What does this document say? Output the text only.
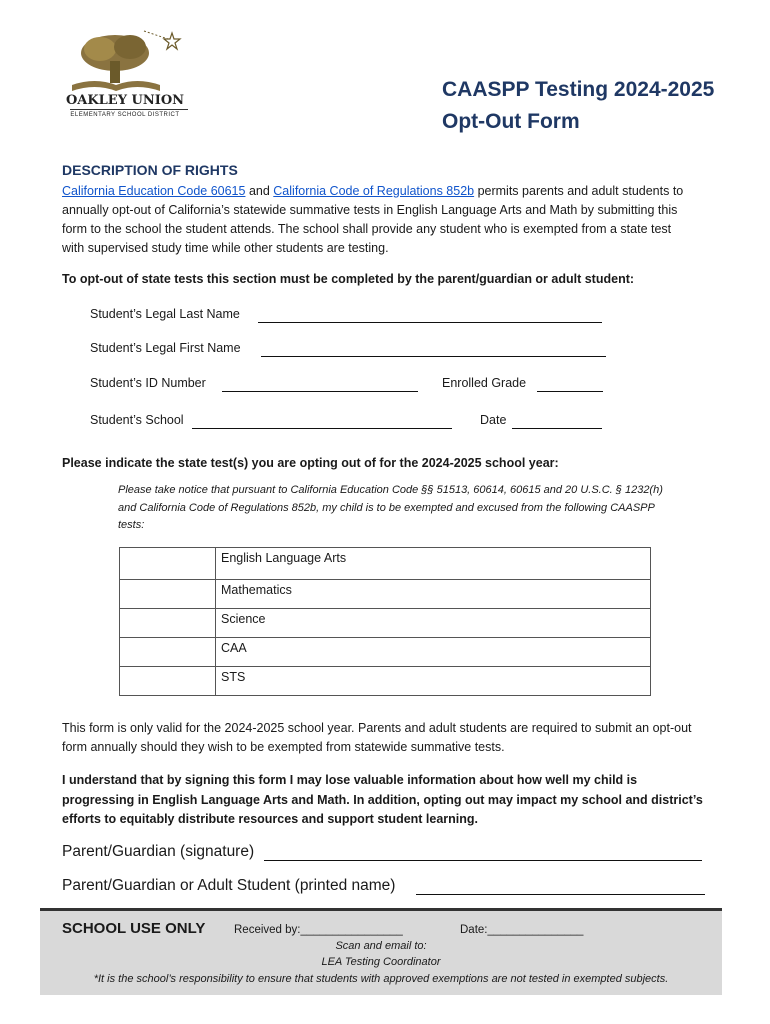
OAKLEY UNION
ELEMENTARY SCHOOL DISTRICT
CAASPP Testing 2024-2025
Opt-Out Form
DESCRIPTION OF RIGHTS
California Education Code 60615 and California Code of Regulations 852b permits parents and adult students to annually opt-out of California’s statewide summative tests in English Language Arts and Math by submitting this form to the school the student attends. The school shall provide any student who is exempted from a state test with supervised study time while other students are testing.
To opt-out of state tests this section must be completed by the parent/guardian or adult student:
Student’s Legal Last Name
Student’s Legal First Name
Student’s ID Number	Enrolled Grade
Student’s School	Date
Please indicate the state test(s) you are opting out of for the 2024-2025 school year:
Please take notice that pursuant to California Education Code §§ 51513, 60614, 60615 and 20 U.S.C. § 1232(h) and California Code of Regulations 852b, my child is to be exempted and excused from the following CAASPP tests:
	English Language Arts
	Mathematics
	Science
	CAA
	STS
This form is only valid for the 2024-2025 school year. Parents and adult students are required to submit an opt-out form annually should they wish to be exempted from statewide summative tests.
I understand that by signing this form I may lose valuable information about how well my child is progressing in English Language Arts and Math. In addition, opting out may impact my school and district’s efforts to equitably distribute resources and support student learning.
Parent/Guardian (signature)
Parent/Guardian or Adult Student (printed name)
SCHOOL USE ONLY Received by:________________	Date:_______________
Scan and email to:
LEA Testing Coordinator
*It is the school’s responsibility to ensure that students with approved exemptions are not tested in exempted subjects.
